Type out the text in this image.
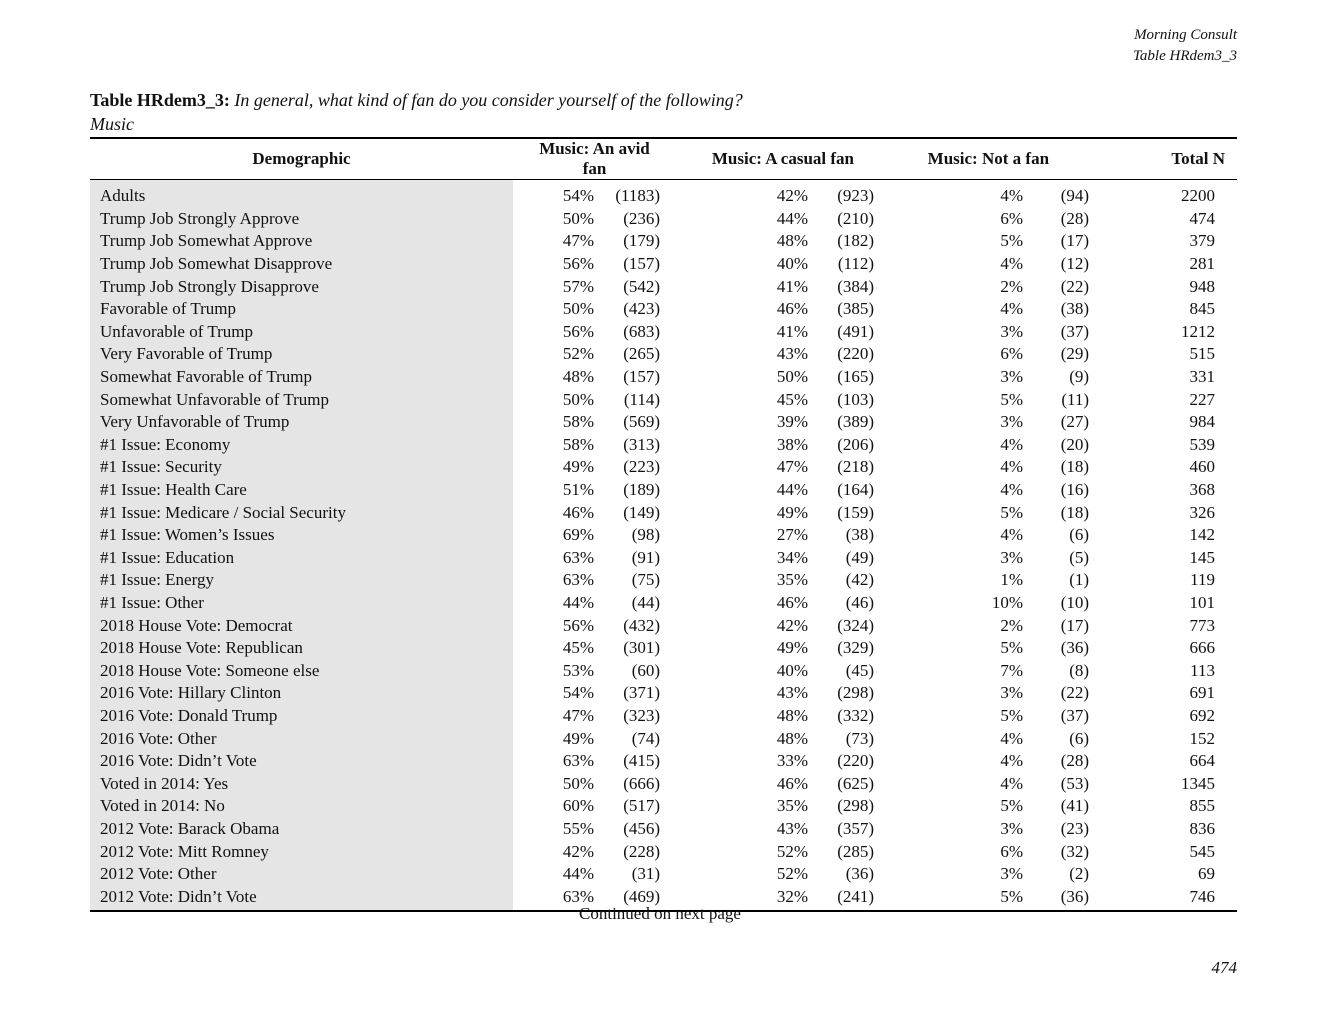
Morning Consult
Table HRdem3_3
Table HRdem3_3: In general, what kind of fan do you consider yourself of the following?
Music
Demographic		Music: An avid fan		Music: A casual fan		Music: Not a fan		Total N

Adults		54%	(1183)	42%	(923)	4%	(94)	2200
Trump Job Strongly Approve		50%	(236)	44%	(210)	6%	(28)	474
Trump Job Somewhat Approve		47%	(179)	48%	(182)	5%	(17)	379
Trump Job Somewhat Disapprove		56%	(157)	40%	(112)	4%	(12)	281
Trump Job Strongly Disapprove		57%	(542)	41%	(384)	2%	(22)	948
Favorable of Trump		50%	(423)	46%	(385)	4%	(38)	845
Unfavorable of Trump		56%	(683)	41%	(491)	3%	(37)	1212
Very Favorable of Trump		52%	(265)	43%	(220)	6%	(29)	515
Somewhat Favorable of Trump		48%	(157)	50%	(165)	3%	(9)	331
Somewhat Unfavorable of Trump		50%	(114)	45%	(103)	5%	(11)	227
Very Unfavorable of Trump		58%	(569)	39%	(389)	3%	(27)	984
#1 Issue: Economy		58%	(313)	38%	(206)	4%	(20)	539
#1 Issue: Security		49%	(223)	47%	(218)	4%	(18)	460
#1 Issue: Health Care		51%	(189)	44%	(164)	4%	(16)	368
#1 Issue: Medicare / Social Security		46%	(149)	49%	(159)	5%	(18)	326
#1 Issue: Women’s Issues		69%	(98)	27%	(38)	4%	(6)	142
#1 Issue: Education		63%	(91)	34%	(49)	3%	(5)	145
#1 Issue: Energy		63%	(75)	35%	(42)	1%	(1)	119
#1 Issue: Other		44%	(44)	46%	(46)	10%	(10)	101
2018 House Vote: Democrat		56%	(432)	42%	(324)	2%	(17)	773
2018 House Vote: Republican		45%	(301)	49%	(329)	5%	(36)	666
2018 House Vote: Someone else		53%	(60)	40%	(45)	7%	(8)	113
2016 Vote: Hillary Clinton		54%	(371)	43%	(298)	3%	(22)	691
2016 Vote: Donald Trump		47%	(323)	48%	(332)	5%	(37)	692
2016 Vote: Other		49%	(74)	48%	(73)	4%	(6)	152
2016 Vote: Didn’t Vote		63%	(415)	33%	(220)	4%	(28)	664
Voted in 2014: Yes		50%	(666)	46%	(625)	4%	(53)	1345
Voted in 2014: No		60%	(517)	35%	(298)	5%	(41)	855
2012 Vote: Barack Obama		55%	(456)	43%	(357)	3%	(23)	836
2012 Vote: Mitt Romney		42%	(228)	52%	(285)	6%	(32)	545
2012 Vote: Other		44%	(31)	52%	(36)	3%	(2)	69
2012 Vote: Didn’t Vote		63%	(469)	32%	(241)	5%	(36)	746
Continued on next page
474
